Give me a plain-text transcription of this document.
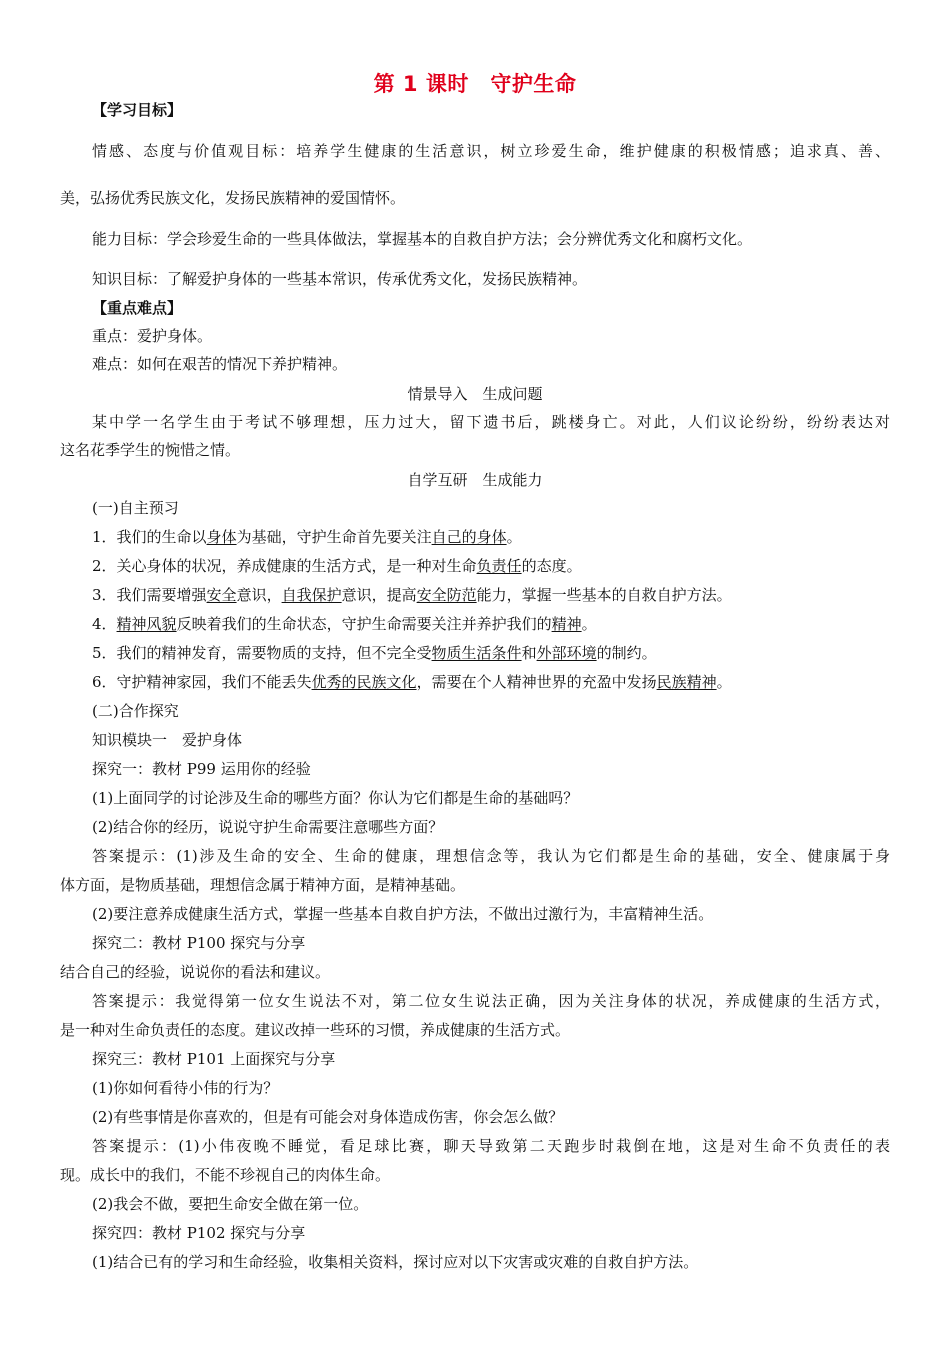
第 1 课时　守护生命
【学习目标】
情感、态度与价值观目标：培养学生健康的生活意识，树立珍爱生命，维护健康的积极情感；追求真、善、
美，弘扬优秀民族文化，发扬民族精神的爱国情怀。
能力目标：学会珍爱生命的一些具体做法，掌握基本的自救自护方法；会分辨优秀文化和腐朽文化。
知识目标：了解爱护身体的一些基本常识，传承优秀文化，发扬民族精神。
【重点难点】
重点：爱护身体。
难点：如何在艰苦的情况下养护精神。
情景导入　生成问题
某中学一名学生由于考试不够理想，压力过大，留下遗书后，跳楼身亡。对此，人们议论纷纷，纷纷表达对
这名花季学生的惋惜之情。
自学互研　生成能力
(一)自主预习
1．我们的生命以身体为基础，守护生命首先要关注自己的身体。
2．关心身体的状况，养成健康的生活方式，是一种对生命负责任的态度。
3．我们需要增强安全意识，自我保护意识，提高安全防范能力，掌握一些基本的自救自护方法。
4．精神风貌反映着我们的生命状态，守护生命需要关注并养护我们的精神。
5．我们的精神发育，需要物质的支持，但不完全受物质生活条件和外部环境的制约。
6．守护精神家园，我们不能丢失优秀的民族文化，需要在个人精神世界的充盈中发扬民族精神。
(二)合作探究
知识模块一　爱护身体
探究一：教材 P99 运用你的经验
(1)上面同学的讨论涉及生命的哪些方面？你认为它们都是生命的基础吗？
(2)结合你的经历，说说守护生命需要注意哪些方面？
答案提示：(1)涉及生命的安全、生命的健康，理想信念等，我认为它们都是生命的基础，安全、健康属于身
体方面，是物质基础，理想信念属于精神方面，是精神基础。
(2)要注意养成健康生活方式，掌握一些基本自救自护方法，不做出过激行为，丰富精神生活。
探究二：教材 P100 探究与分享
结合自己的经验，说说你的看法和建议。
答案提示：我觉得第一位女生说法不对，第二位女生说法正确，因为关注身体的状况，养成健康的生活方式，
是一种对生命负责任的态度。建议改掉一些环的习惯，养成健康的生活方式。
探究三：教材 P101 上面探究与分享
(1)你如何看待小伟的行为？
(2)有些事情是你喜欢的，但是有可能会对身体造成伤害，你会怎么做？
答案提示：(1)小伟夜晚不睡觉，看足球比赛，聊天导致第二天跑步时栽倒在地，这是对生命不负责任的表
现。成长中的我们，不能不珍视自己的肉体生命。
(2)我会不做，要把生命安全做在第一位。
探究四：教材 P102 探究与分享
(1)结合已有的学习和生命经验，收集相关资料，探讨应对以下灾害或灾难的自救自护方法。
